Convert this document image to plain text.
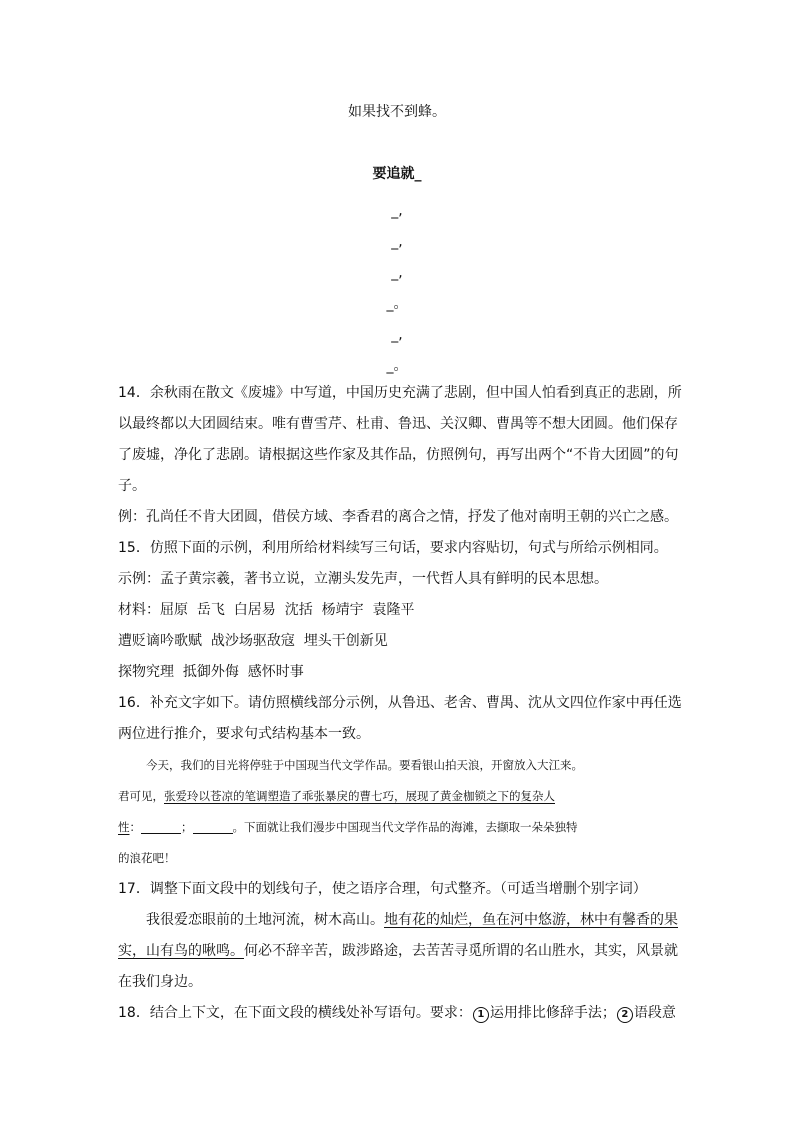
如果找不到蜂。
要追就_
_,
_,
_,
_。
_,
_。
14．余秋雨在散文《废墟》中写道，中国历史充满了悲剧，但中国人怕看到真正的悲剧，所
以最终都以大团圆结束。唯有曹雪芹、杜甫、鲁迅、关汉卿、曹禺等不想大团圆。他们保存
了废墟，净化了悲剧。请根据这些作家及其作品，仿照例句，再写出两个“不肯大团圆”的句
子。
例：孔尚任不肯大团圆，借侯方域、李香君的离合之情，抒发了他对南明王朝的兴亡之感。
15．仿照下面的示例，利用所给材料续写三句话，要求内容贴切，句式与所给示例相同。
示例：孟子黄宗羲，著书立说，立潮头发先声，一代哲人具有鲜明的民本思想。
材料：屈原  岳飞  白居易  沈括  杨靖宇  袁隆平
遭贬谪吟歌赋  战沙场驱敌寇  埋头干创新见
探物究理  抵御外侮  感怀时事
16．补充文字如下。请仿照横线部分示例，从鲁迅、老舍、曹禺、沈从文四位作家中再任选
两位进行推介，要求句式结构基本一致。
今天，我们的目光将停驻于中国现当代文学作品。要看银山拍天浪，开窗放入大江来。
君可见，张爱玲以苍凉的笔调塑造了乖张暴戾的曹七巧，展现了黄金枷锁之下的复杂人
性：	；	。下面就让我们漫步中国现当代文学作品的海滩，去撷取一朵朵独特
的浪花吧！
17．调整下面文段中的划线句子，使之语序合理，句式整齐。（可适当增删个别字词）
我很爱恋眼前的土地河流，树木高山。地有花的灿烂，鱼在河中悠游，林中有馨香的果
实，山有鸟的啾鸣。何必不辞辛苦，跋涉路途，去苦苦寻觅所谓的名山胜水，其实，风景就
在我们身边。
18．结合上下文，在下面文段的横线处补写语句。要求： 1 运用排比修辞手法； 2 语段意
